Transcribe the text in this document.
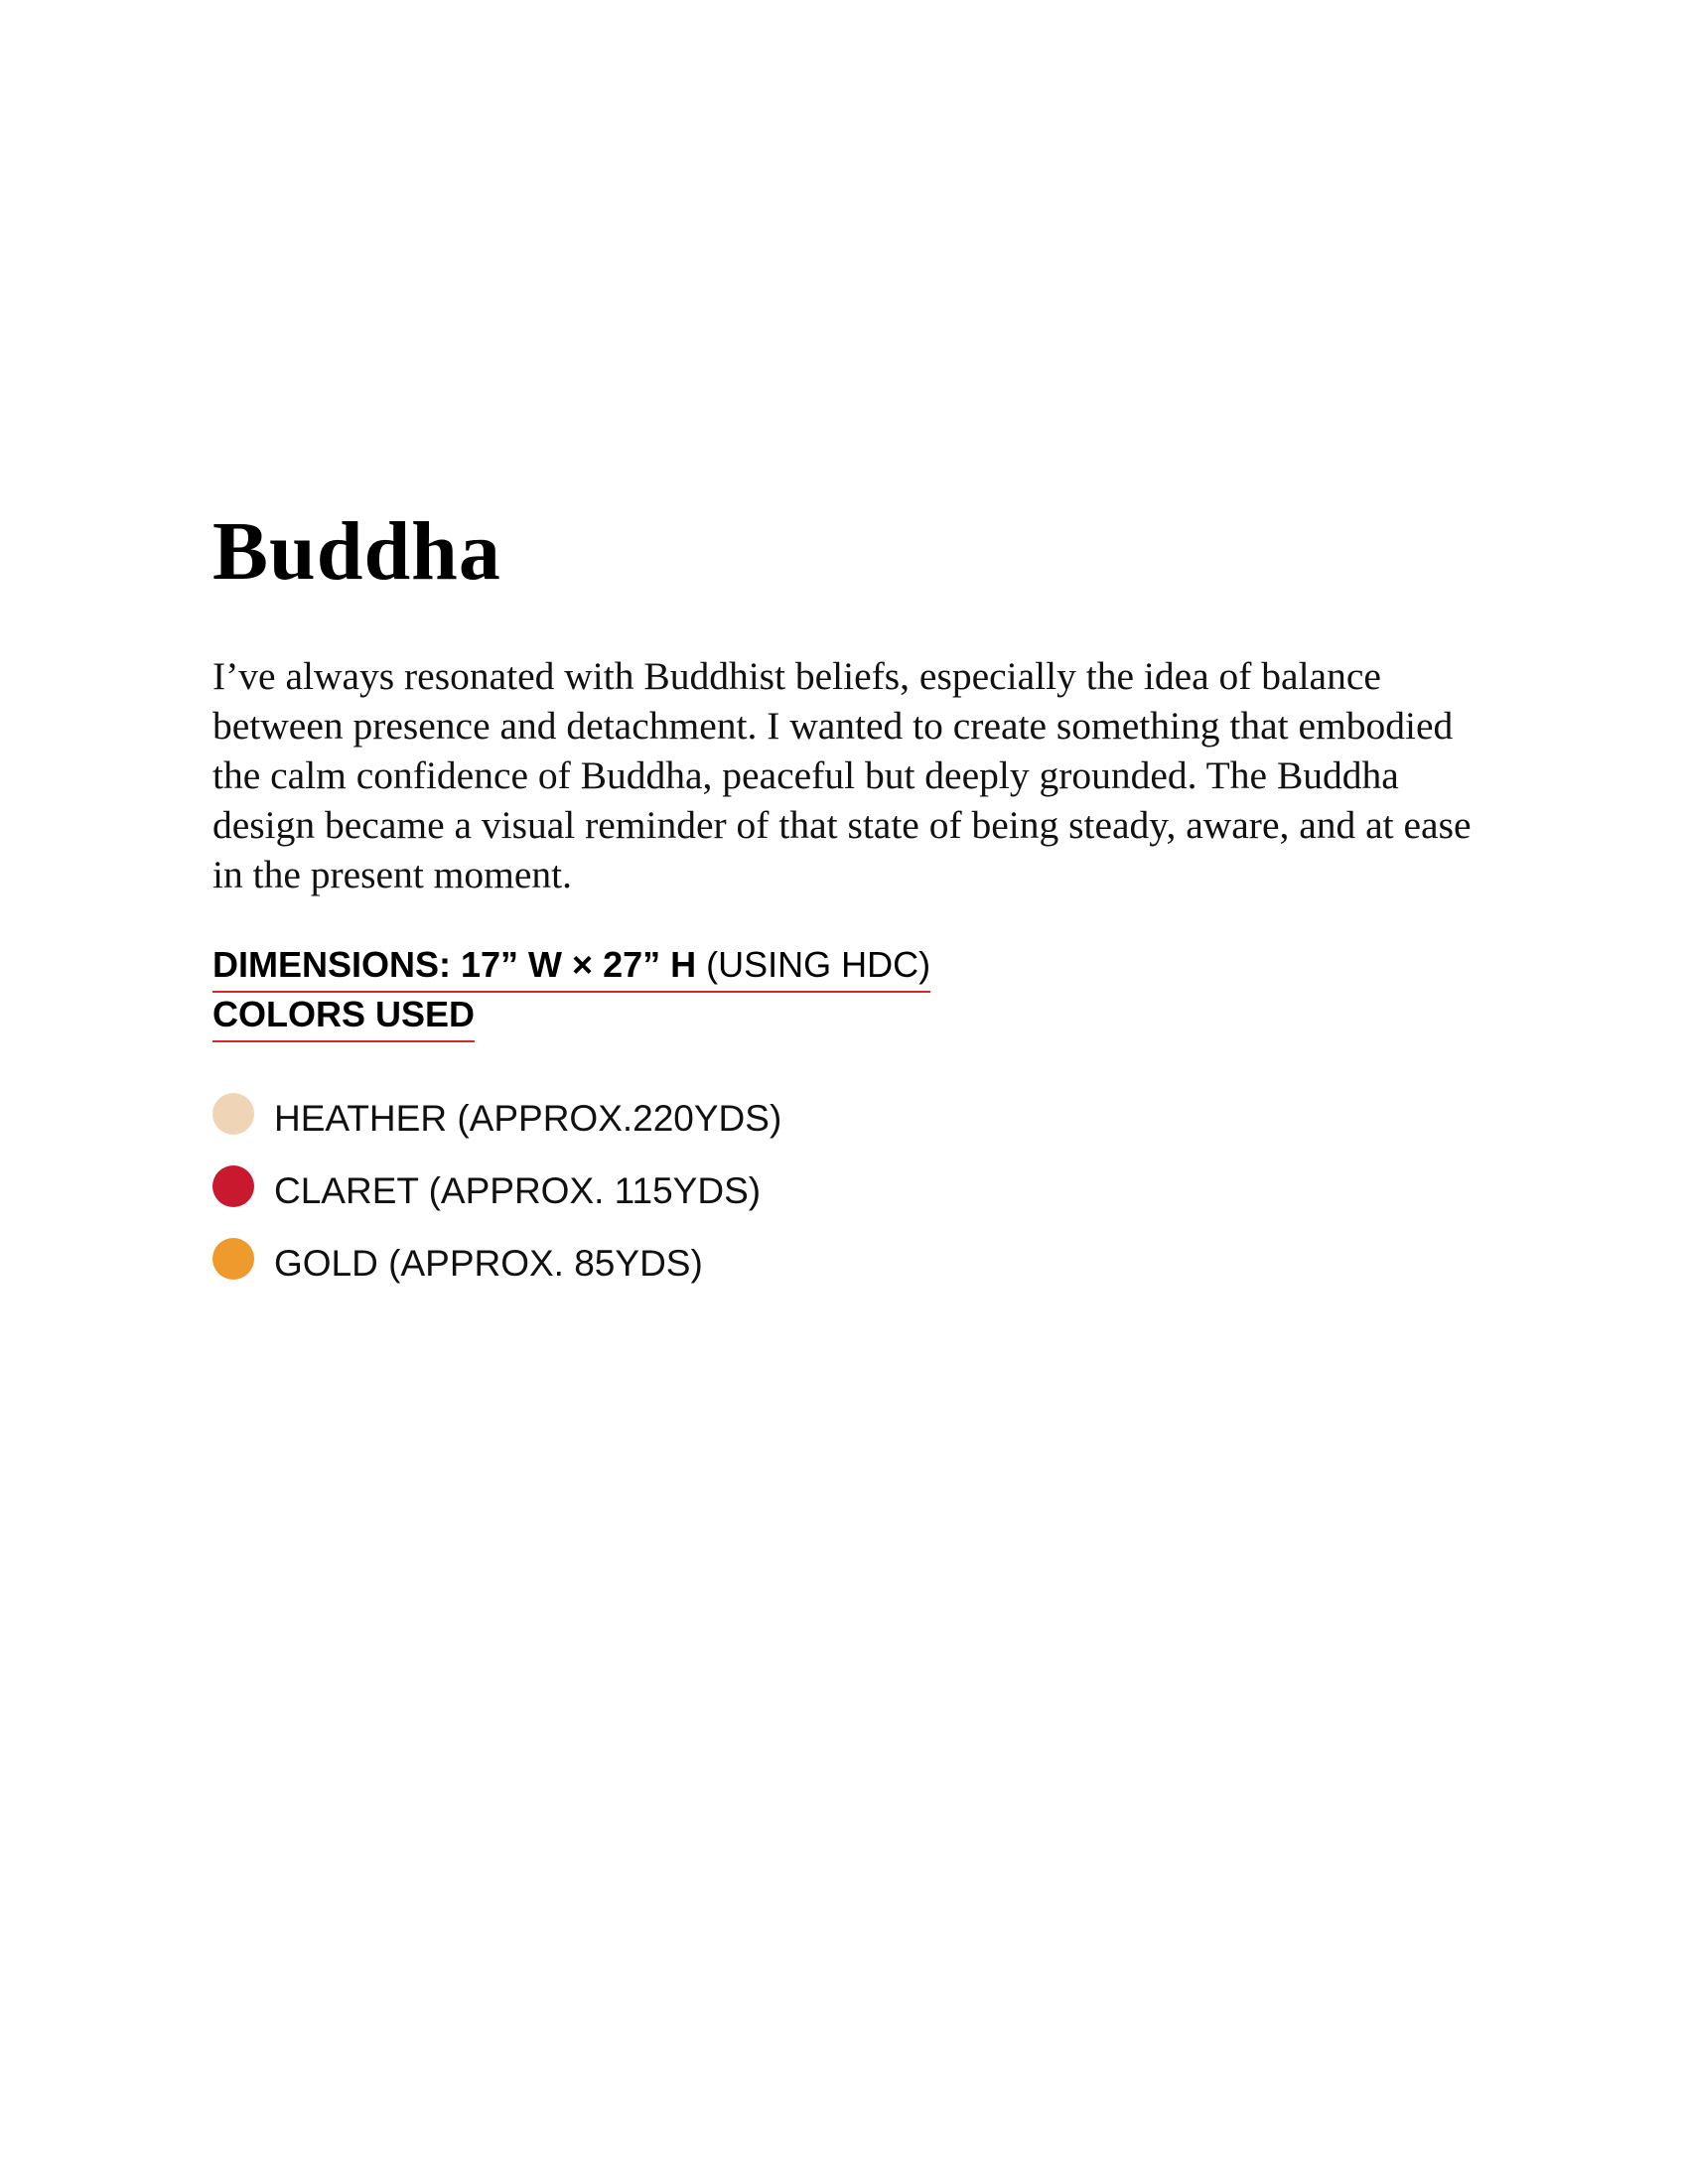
Buddha

I’ve always resonated with Buddhist beliefs, especially the idea of balance between presence and detachment. I wanted to create something that embodied the calm confidence of Buddha, peaceful but deeply grounded. The Buddha design became a visual reminder of that state of being steady, aware, and at ease in the present moment.

DIMENSIONS: 17” W × 27” H (USING HDC)
COLORS USED
HEATHER (APPROX.220YDS)
CLARET (APPROX. 115YDS)
GOLD (APPROX. 85YDS)
